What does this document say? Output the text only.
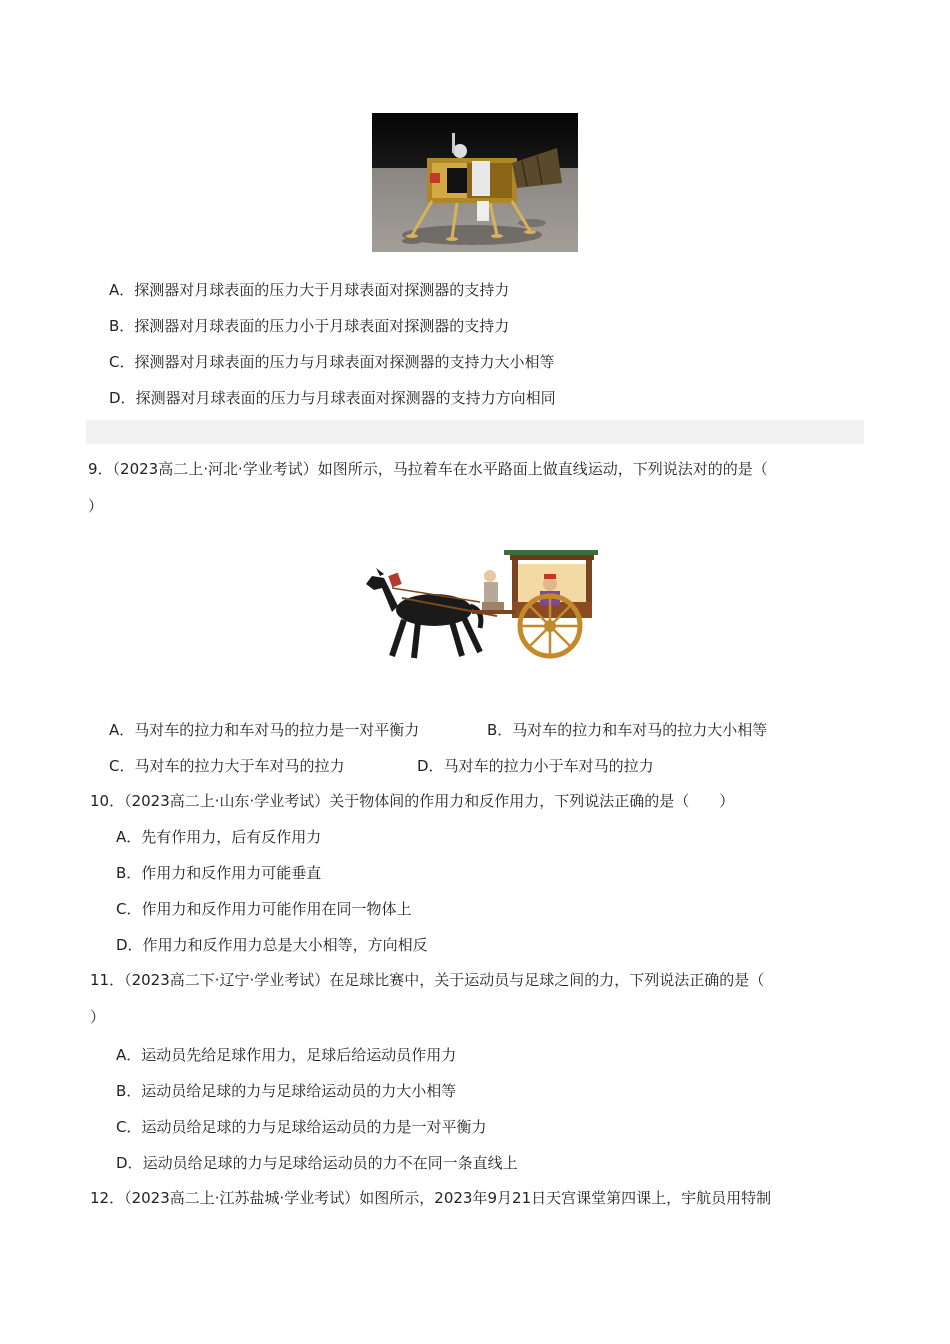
A．探测器对月球表面的压力大于月球表面对探测器的支持力
B．探测器对月球表面的压力小于月球表面对探测器的支持力
C．探测器对月球表面的压力与月球表面对探测器的支持力大小相等
D．探测器对月球表面的压力与月球表面对探测器的支持力方向相同
9．（2023高二上·河北·学业考试）如图所示，马拉着车在水平路面上做直线运动，下列说法对的的是（
）
A．马对车的拉力和车对马的拉力是一对平衡力	B．马对车的拉力和车对马的拉力大小相等
C．马对车的拉力大于车对马的拉力	D．马对车的拉力小于车对马的拉力
10．（2023高二上·山东·学业考试）关于物体间的作用力和反作用力，下列说法正确的是（　　）
A．先有作用力，后有反作用力
B．作用力和反作用力可能垂直
C．作用力和反作用力可能作用在同一物体上
D．作用力和反作用力总是大小相等，方向相反
11．（2023高二下·辽宁·学业考试）在足球比赛中，关于运动员与足球之间的力，下列说法正确的是（
）
A．运动员先给足球作用力，足球后给运动员作用力
B．运动员给足球的力与足球给运动员的力大小相等
C．运动员给足球的力与足球给运动员的力是一对平衡力
D．运动员给足球的力与足球给运动员的力不在同一条直线上
12．（2023高二上·江苏盐城·学业考试）如图所示，2023年9月21日天宫课堂第四课上，宇航员用特制
